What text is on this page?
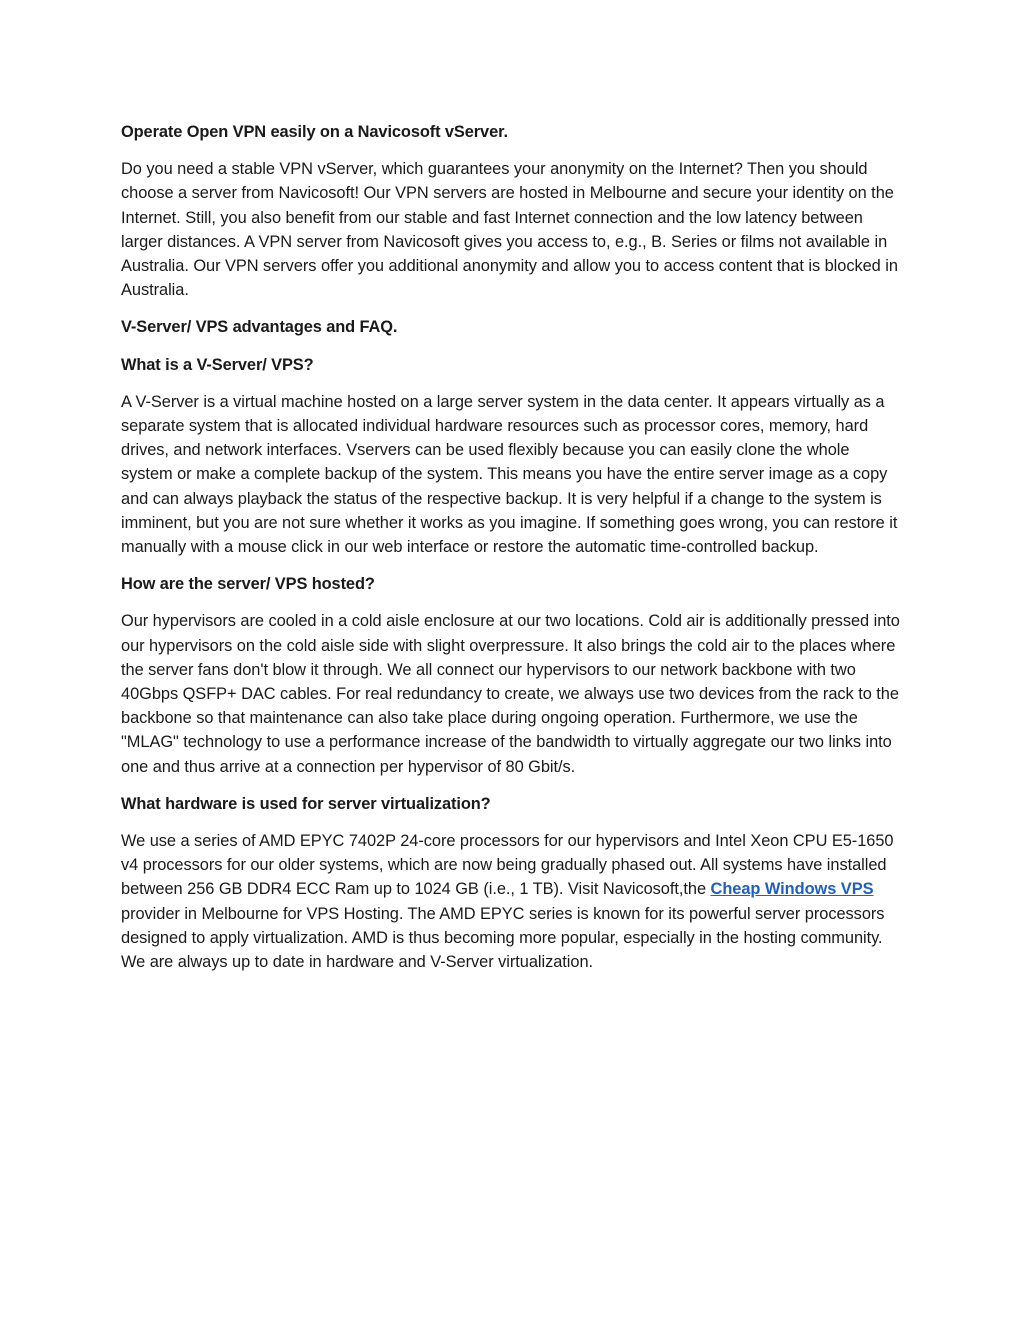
Operate Open VPN easily on a Navicosoft vServer.
Do you need a stable VPN vServer, which guarantees your anonymity on the Internet? Then you should choose a server from Navicosoft! Our VPN servers are hosted in Melbourne and secure your identity on the Internet. Still, you also benefit from our stable and fast Internet connection and the low latency between larger distances. A VPN server from Navicosoft gives you access to, e.g., B. Series or films not available in Australia. Our VPN servers offer you additional anonymity and allow you to access content that is blocked in Australia.
V-Server/ VPS advantages and FAQ.
What is a V-Server/ VPS?
A V-Server is a virtual machine hosted on a large server system in the data center. It appears virtually as a separate system that is allocated individual hardware resources such as processor cores, memory, hard drives, and network interfaces. Vservers can be used flexibly because you can easily clone the whole system or make a complete backup of the system. This means you have the entire server image as a copy and can always playback the status of the respective backup. It is very helpful if a change to the system is imminent, but you are not sure whether it works as you imagine. If something goes wrong, you can restore it manually with a mouse click in our web interface or restore the automatic time-controlled backup.
How are the server/ VPS hosted?
Our hypervisors are cooled in a cold aisle enclosure at our two locations. Cold air is additionally pressed into our hypervisors on the cold aisle side with slight overpressure. It also brings the cold air to the places where the server fans don't blow it through. We all connect our hypervisors to our network backbone with two 40Gbps QSFP+ DAC cables. For real redundancy to create, we always use two devices from the rack to the backbone so that maintenance can also take place during ongoing operation. Furthermore, we use the "MLAG" technology to use a performance increase of the bandwidth to virtually aggregate our two links into one and thus arrive at a connection per hypervisor of 80 Gbit/s.
What hardware is used for server virtualization?
We use a series of AMD EPYC 7402P 24-core processors for our hypervisors and Intel Xeon CPU E5-1650 v4 processors for our older systems, which are now being gradually phased out. All systems have installed between 256 GB DDR4 ECC Ram up to 1024 GB (i.e., 1 TB). Visit Navicosoft,the Cheap Windows VPS provider in Melbourne for VPS Hosting. The AMD EPYC series is known for its powerful server processors designed to apply virtualization. AMD is thus becoming more popular, especially in the hosting community. We are always up to date in hardware and V-Server virtualization.
